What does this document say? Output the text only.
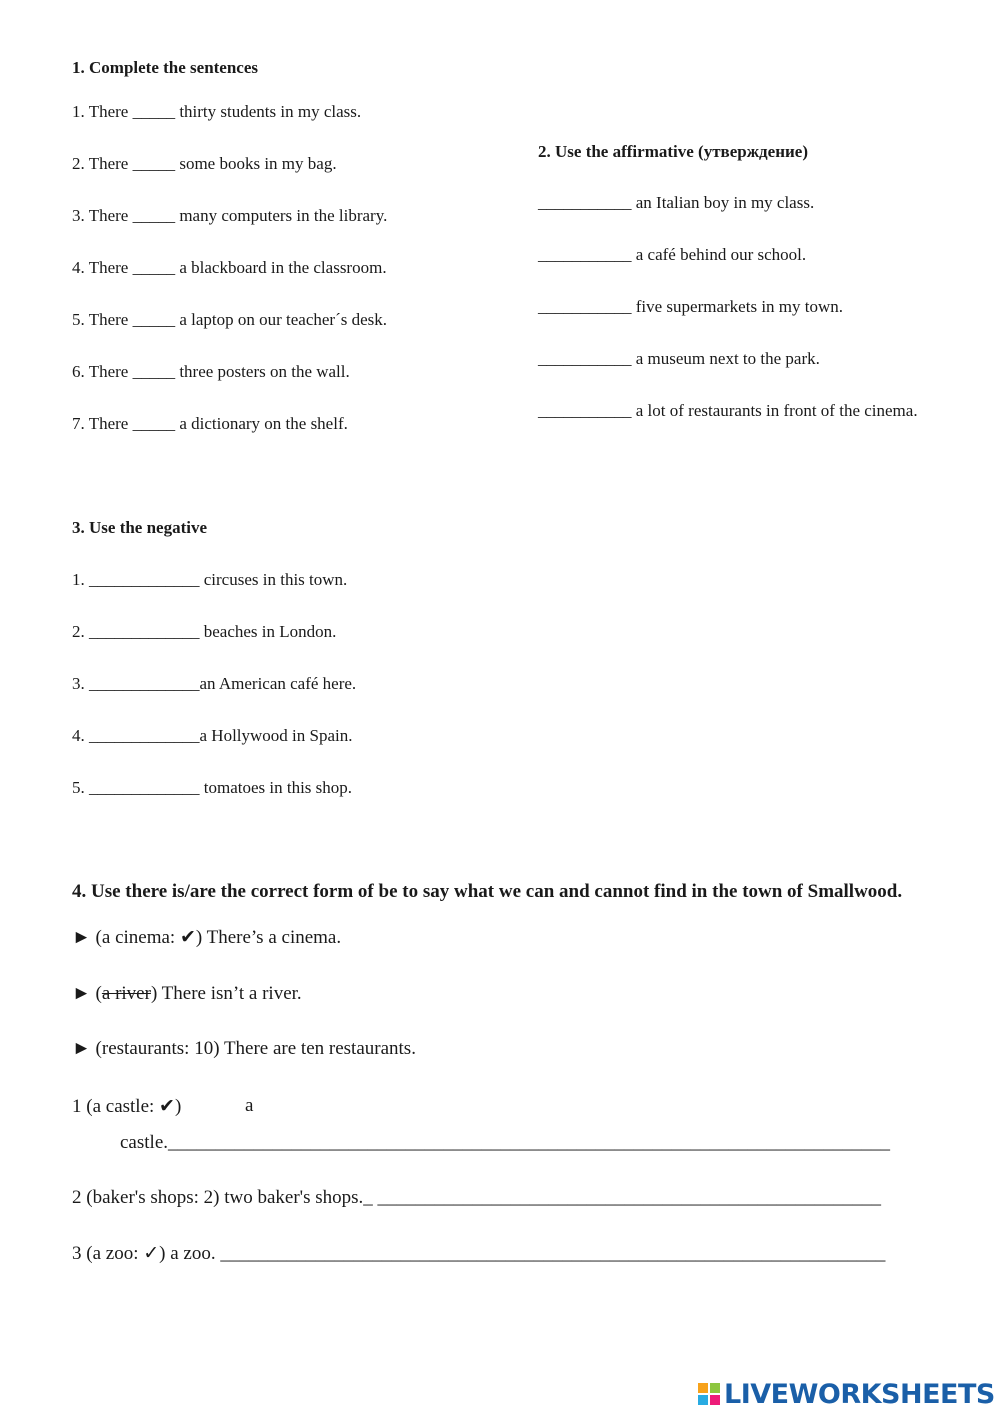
1. Complete the sentences
1. There _____ thirty students in my class.
2. There _____ some books in my bag.
3. There _____ many computers in the library.
4. There _____ a blackboard in the classroom.
5. There _____ a laptop on our teacher´s desk.
6. There _____ three posters on the wall.
7. There _____ a dictionary on the shelf.
2. Use the affirmative (утверждение)
___________ an Italian boy in my class.
___________ a café behind our school.
___________ five supermarkets in my town.
___________ a museum next to the park.
___________ a lot of restaurants in front of the cinema.
3. Use the negative
1. _____________ circuses in this town.
2. _____________ beaches in London.
3. _____________an American café here.
4. _____________a Hollywood in Spain.
5. _____________ tomatoes in this shop.
4. Use there is/are the correct form of be to say what we can and cannot find in the town of Smallwood.
► (a cinema: ✔) There’s a cinema.
► (a river) There isn’t a river.
► (restaurants: 10) There are ten restaurants.
1 (a castle: ✔)	a
castle.____________________________________________________________________________
2 (baker's shops: 2) two baker's shops._ _____________________________________________________
3 (a zoo: ✓) a zoo. ______________________________________________________________________
LIVEWORKSHEETS
